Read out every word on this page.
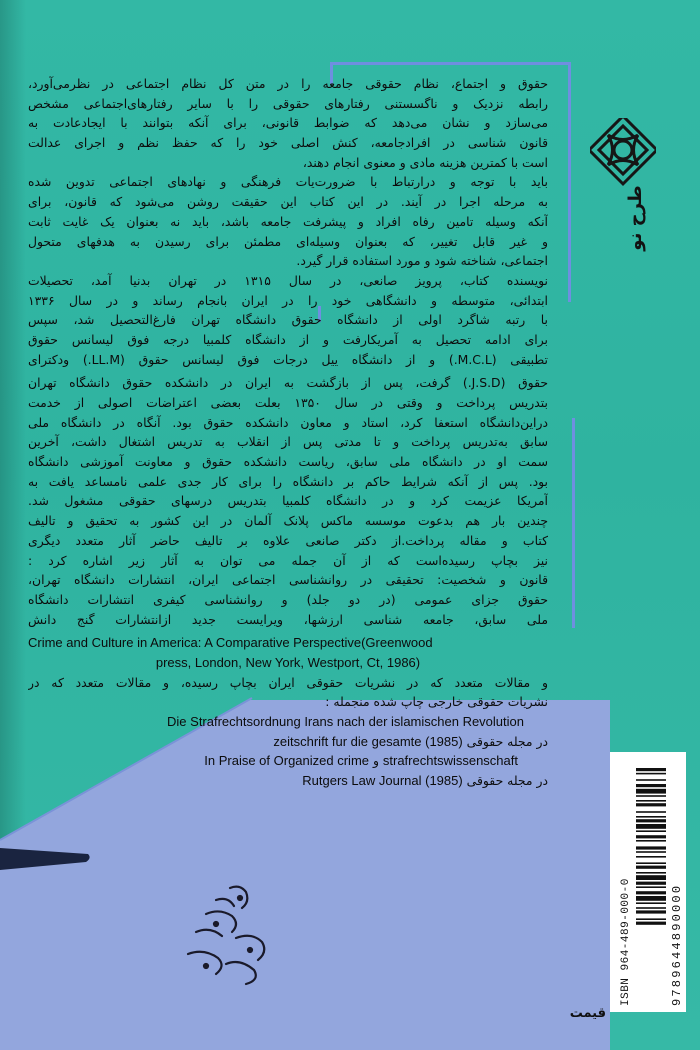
حقوق و اجتماع، نظام حقوقی جامعه را در متن کل نظام اجتماعی در نظرمی‌آورد،
رابطه نزدیک و ناگسستنی رفتارهای حقوقی را با سایر رفتارهای‌اجتماعی مشخص
می‌سازد و نشان می‌دهد که ضوابط قانونی، برای آنکه بتوانند با ایجادعادت به
قانون شناسی در افرادجامعه، کنش اصلی خود را که حفظ نظم و اجرای عدالت
است با کمترین هزینه مادی و معنوی انجام دهند،
باید با توجه و درارتباط با ضرورت‌یات فرهنگی و نهادهای اجتماعی تدوین شده
به مرحله اجرا در آیند. در این کتاب این حقیقت روشن می‌شود که قانون، برای
آنکه وسیله تامین رفاه افراد و پیشرفت جامعه باشد، باید نه بعنوان یک غایت ثابت
و غیر قابل تغییر، که بعنوان وسیله‌ای مطمئن برای رسیدن به هدفهای متحول
اجتماعی، شناخته شود و مورد استفاده قرار گیرد.
نویسنده کتاب، پرویز صانعی، در سال ۱۳۱۵ در تهران بدنیا آمد، تحصیلات
ابتدائی، متوسطه و دانشگاهی خود را در ایران بانجام رساند و در سال ۱۳۳۶
با رتبه شاگرد اولی از دانشگاه حقوق دانشگاه تهران فارغ‌التحصیل شد، سپس
برای ادامه تحصیل به آمریکارفت و از دانشگاه کلمبیا درجه فوق لیسانس حقوق
تطبیقی (M.C.L.) و از دانشگاه ییل درجات فوق لیسانس حقوق (LL.M.) ودکترای
حقوق (J.S.D.) گرفت، پس از بازگشت به ایران در دانشکده حقوق دانشگاه تهران
بتدریس پرداخت و وقتی در سال ۱۳۵۰ بعلت بعضی اعتراضات اصولی از خدمت
دراین‌دانشگاه استعفا کرد، استاد و معاون دانشکده حقوق بود. آنگاه در دانشگاه ملی
سابق به‌تدریس پرداخت و تا مدتی پس از انقلاب به تدریس اشتغال داشت، آخرین
سمت او در دانشگاه ملی سابق، ریاست دانشکده حقوق و معاونت آموزشی دانشگاه
بود. پس از آنکه شرایط حاکم بر دانشگاه را برای کار جدی علمی نامساعد یافت به
آمریکا عزیمت کرد و در دانشگاه کلمبیا بتدریس درسهای حقوقی مشغول شد.
چندین بار هم بدعوت موسسه ماکس پلانک آلمان در این کشور به تحقیق و تالیف
کتاب و مقاله پرداخت.از دکتر صانعی علاوه بر تالیف حاضر آثار متعدد دیگری
نیز بچاپ رسیده‌است که از آن جمله می توان به آثار زیر اشاره کرد :
قانون و شخصیت: تحقیقی در روانشناسی اجتماعی ایران، انتشارات دانشگاه تهران،
حقوق جزای عمومی (در دو جلد) و روانشناسی کیفری انتشارات دانشگاه
ملی سابق، جامعه شناسی ارزشها، ویرایست جدید ازانتشارات گنج دانش
Crime and Culture in America: A Comparative Perspective(Greenwood
press, London, New York, Westport, Ct, 1986)
و مقالات متعدد که در نشریات حقوقی ایران بچاپ رسیده، و مقالات متعدد که در
نشریات حقوقی خارجی چاپ شده منجمله :
Die Strafrechtsordnung Irans nach der islamischen Revolution
در مجله حقوقی zeitschrift fur die gesamte (1985)
strafrechtswissenschaft و In Praise of Organized crime
در مجله حقوقی Rutgers Law Journal (1985)
طرح نو
قیمت
ISBN 964-489-000-0	9789644890000
